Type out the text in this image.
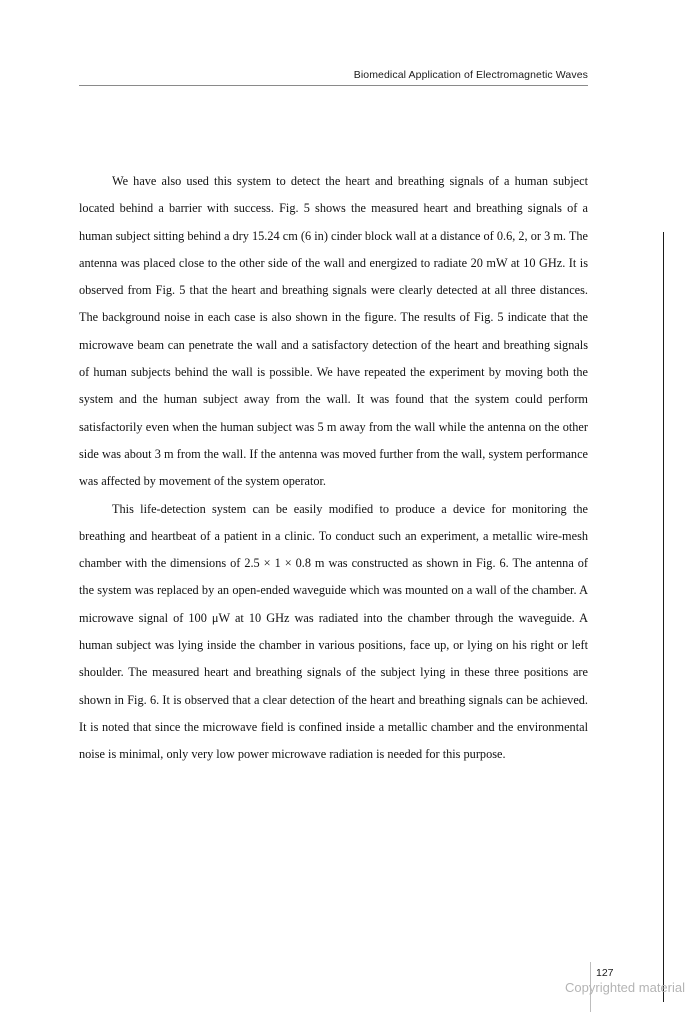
Biomedical Application of Electromagnetic Waves

We have also used this system to detect the heart and breathing signals of a human subject located behind a barrier with success. Fig. 5 shows the measured heart and breathing signals of a human subject sitting behind a dry 15.24 cm (6 in) cinder block wall at a distance of 0.6, 2, or 3 m. The antenna was placed close to the other side of the wall and energized to radiate 20 mW at 10 GHz. It is observed from Fig. 5 that the heart and breathing signals were clearly detected at all three distances. The background noise in each case is also shown in the figure. The results of Fig. 5 indicate that the microwave beam can penetrate the wall and a satisfactory detection of the heart and breathing signals of human subjects behind the wall is possible. We have repeated the experiment by moving both the system and the human subject away from the wall. It was found that the system could perform satisfactorily even when the human subject was 5 m away from the wall while the antenna on the other side was about 3 m from the wall. If the antenna was moved further from the wall, system performance was affected by movement of the system operator.

This life-detection system can be easily modified to produce a device for monitoring the breathing and heartbeat of a patient in a clinic. To conduct such an experiment, a metallic wire-mesh chamber with the dimensions of 2.5 × 1 × 0.8 m was constructed as shown in Fig. 6. The antenna of the system was replaced by an open-ended waveguide which was mounted on a wall of the chamber. A microwave signal of 100 μW at 10 GHz was radiated into the chamber through the waveguide. A human subject was lying inside the chamber in various positions, face up, or lying on his right or left shoulder. The measured heart and breathing signals of the subject lying in these three positions are shown in Fig. 6. It is observed that a clear detection of the heart and breathing signals can be achieved. It is noted that since the microwave field is confined inside a metallic chamber and the environmental noise is minimal, only very low power microwave radiation is needed for this purpose.

127
Copyrighted material
